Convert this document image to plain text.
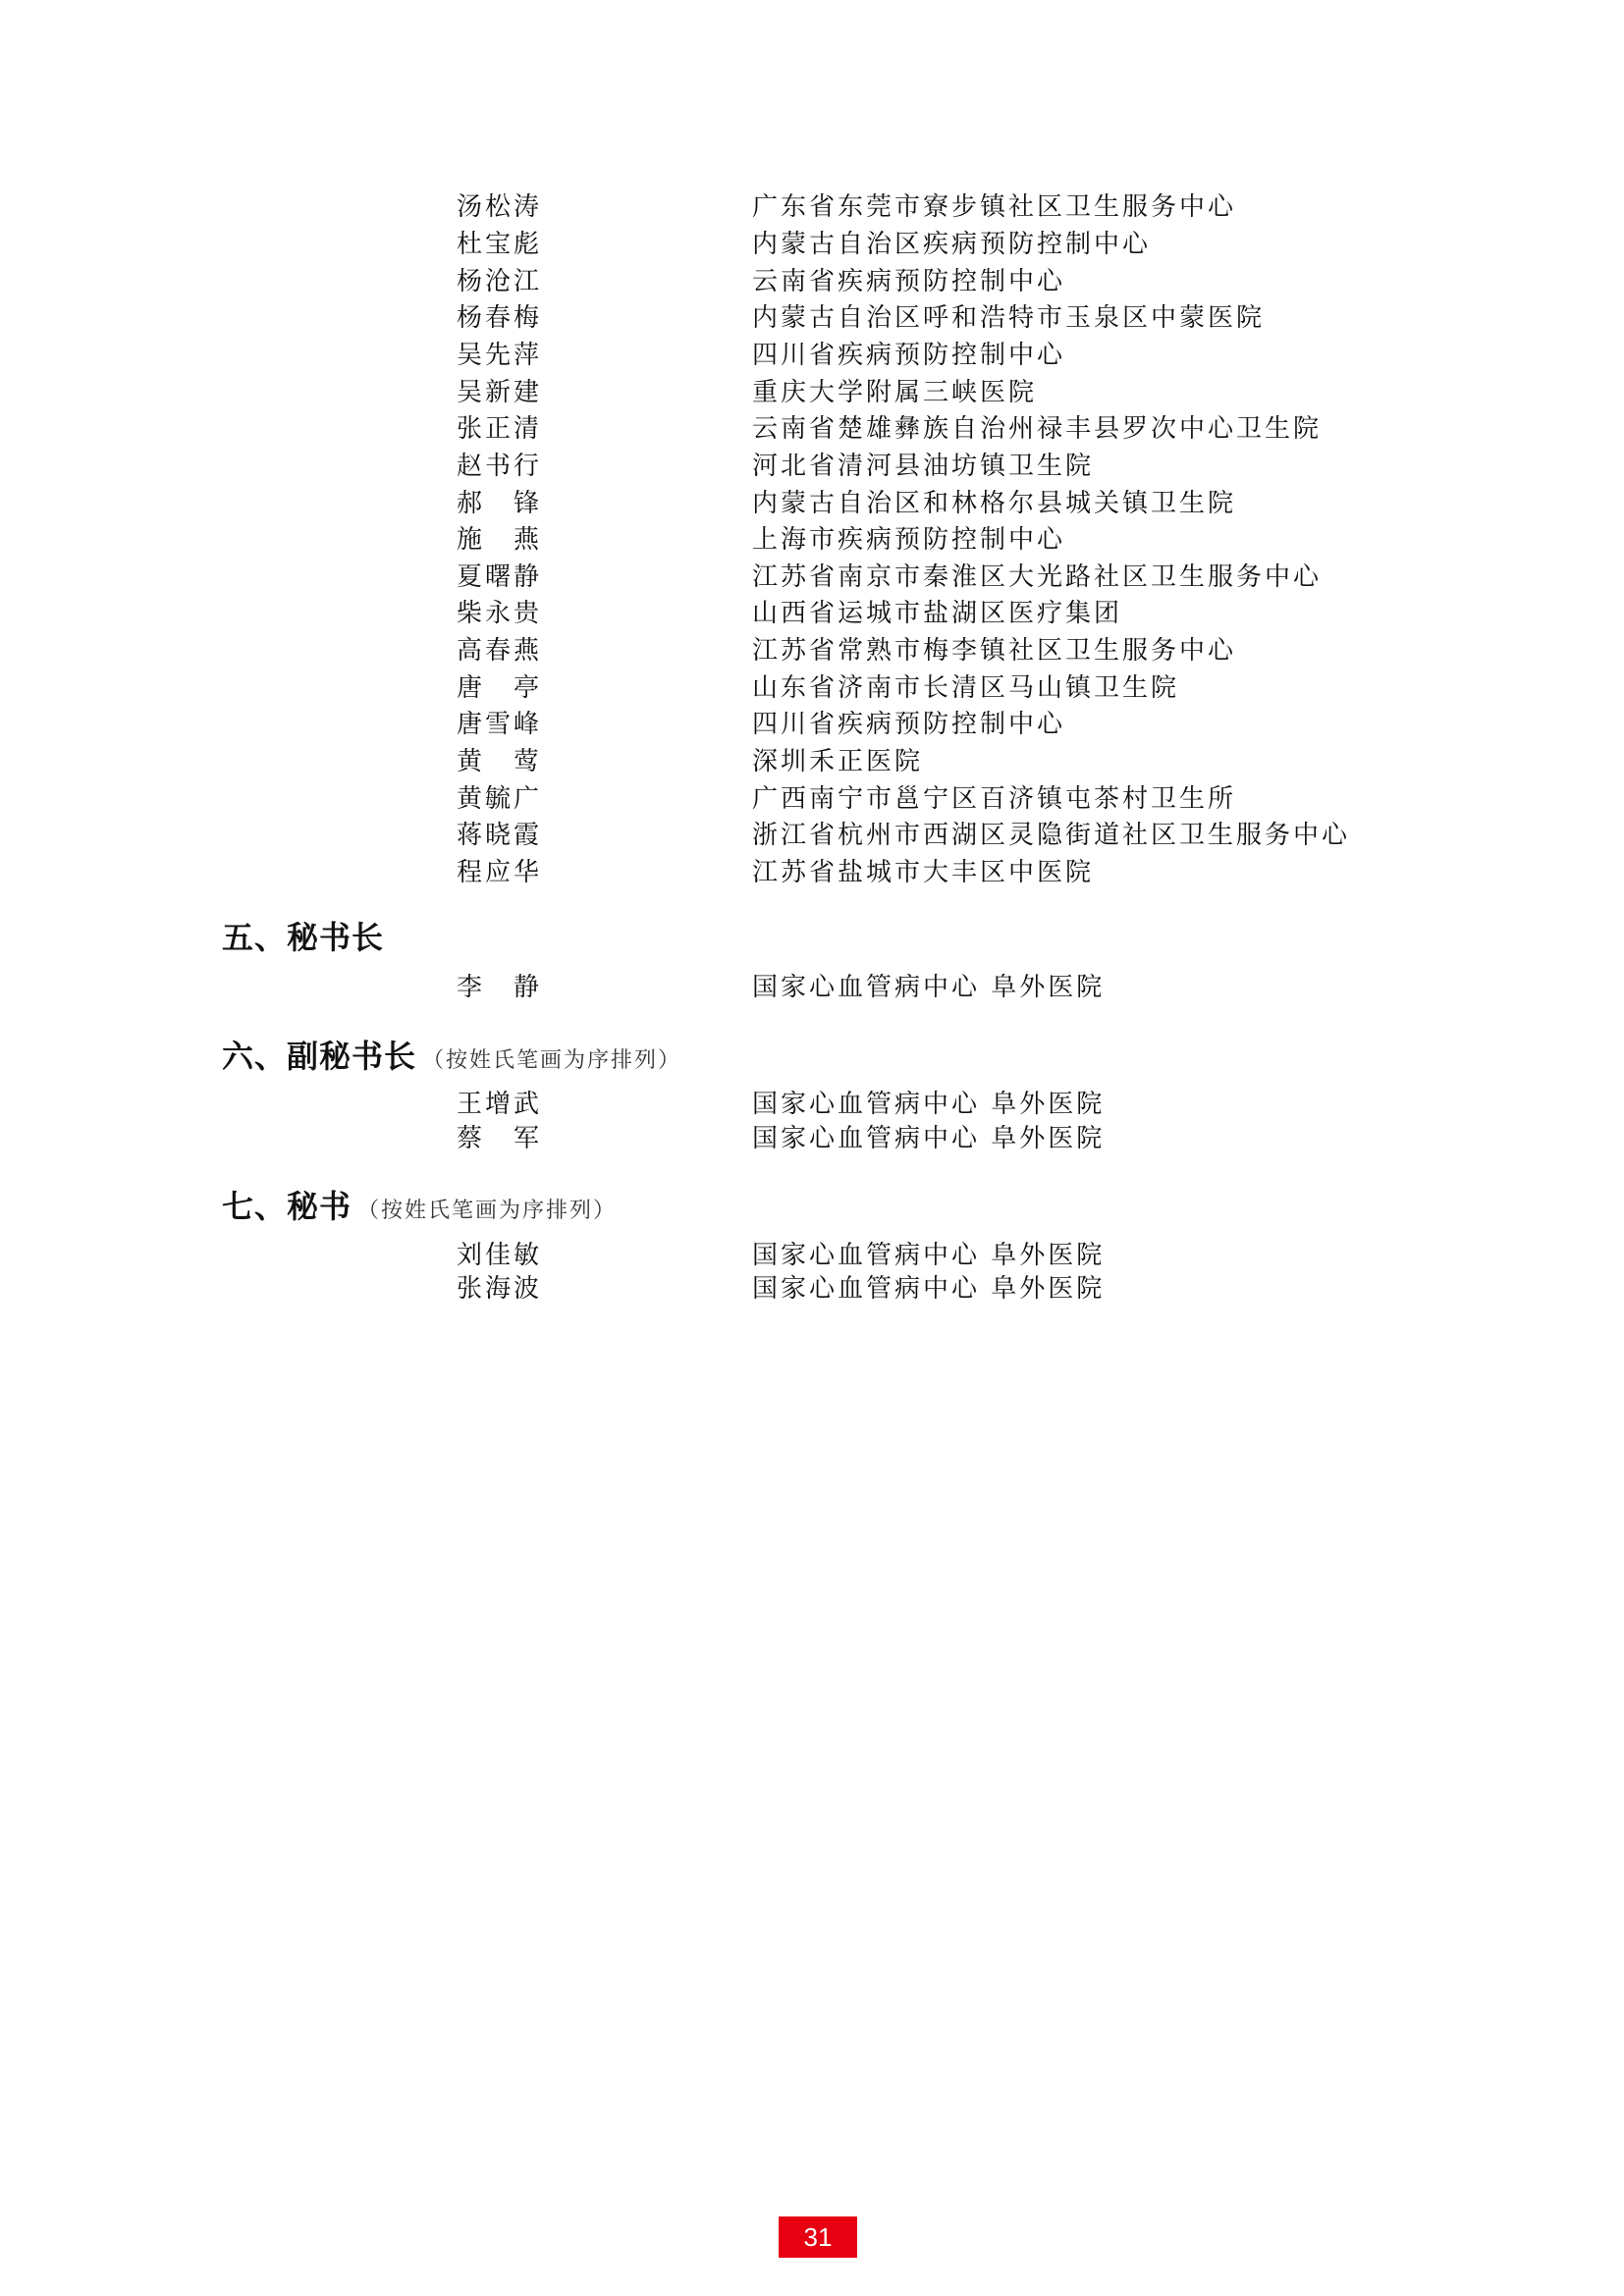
汤松涛	广东省东莞市寮步镇社区卫生服务中心
杜宝彪	内蒙古自治区疾病预防控制中心
杨沧江	云南省疾病预防控制中心
杨春梅	内蒙古自治区呼和浩特市玉泉区中蒙医院
吴先萍	四川省疾病预防控制中心
吴新建	重庆大学附属三峡医院
张正清	云南省楚雄彝族自治州禄丰县罗次中心卫生院
赵书行	河北省清河县油坊镇卫生院
郝　锋	内蒙古自治区和林格尔县城关镇卫生院
施　燕	上海市疾病预防控制中心
夏曙静	江苏省南京市秦淮区大光路社区卫生服务中心
柴永贵	山西省运城市盐湖区医疗集团
高春燕	江苏省常熟市梅李镇社区卫生服务中心
唐　亭	山东省济南市长清区马山镇卫生院
唐雪峰	四川省疾病预防控制中心
黄　莺	深圳禾正医院
黄毓广	广西南宁市邕宁区百济镇屯茶村卫生所
蒋晓霞	浙江省杭州市西湖区灵隐街道社区卫生服务中心
程应华	江苏省盐城市大丰区中医院
五、秘书长
李　静	国家心血管病中心 阜外医院
六、副秘书长 （按姓氏笔画为序排列）
王增武	国家心血管病中心 阜外医院
蔡　军	国家心血管病中心 阜外医院
七、秘书 （按姓氏笔画为序排列）
刘佳敏	国家心血管病中心 阜外医院
张海波	国家心血管病中心 阜外医院
31
